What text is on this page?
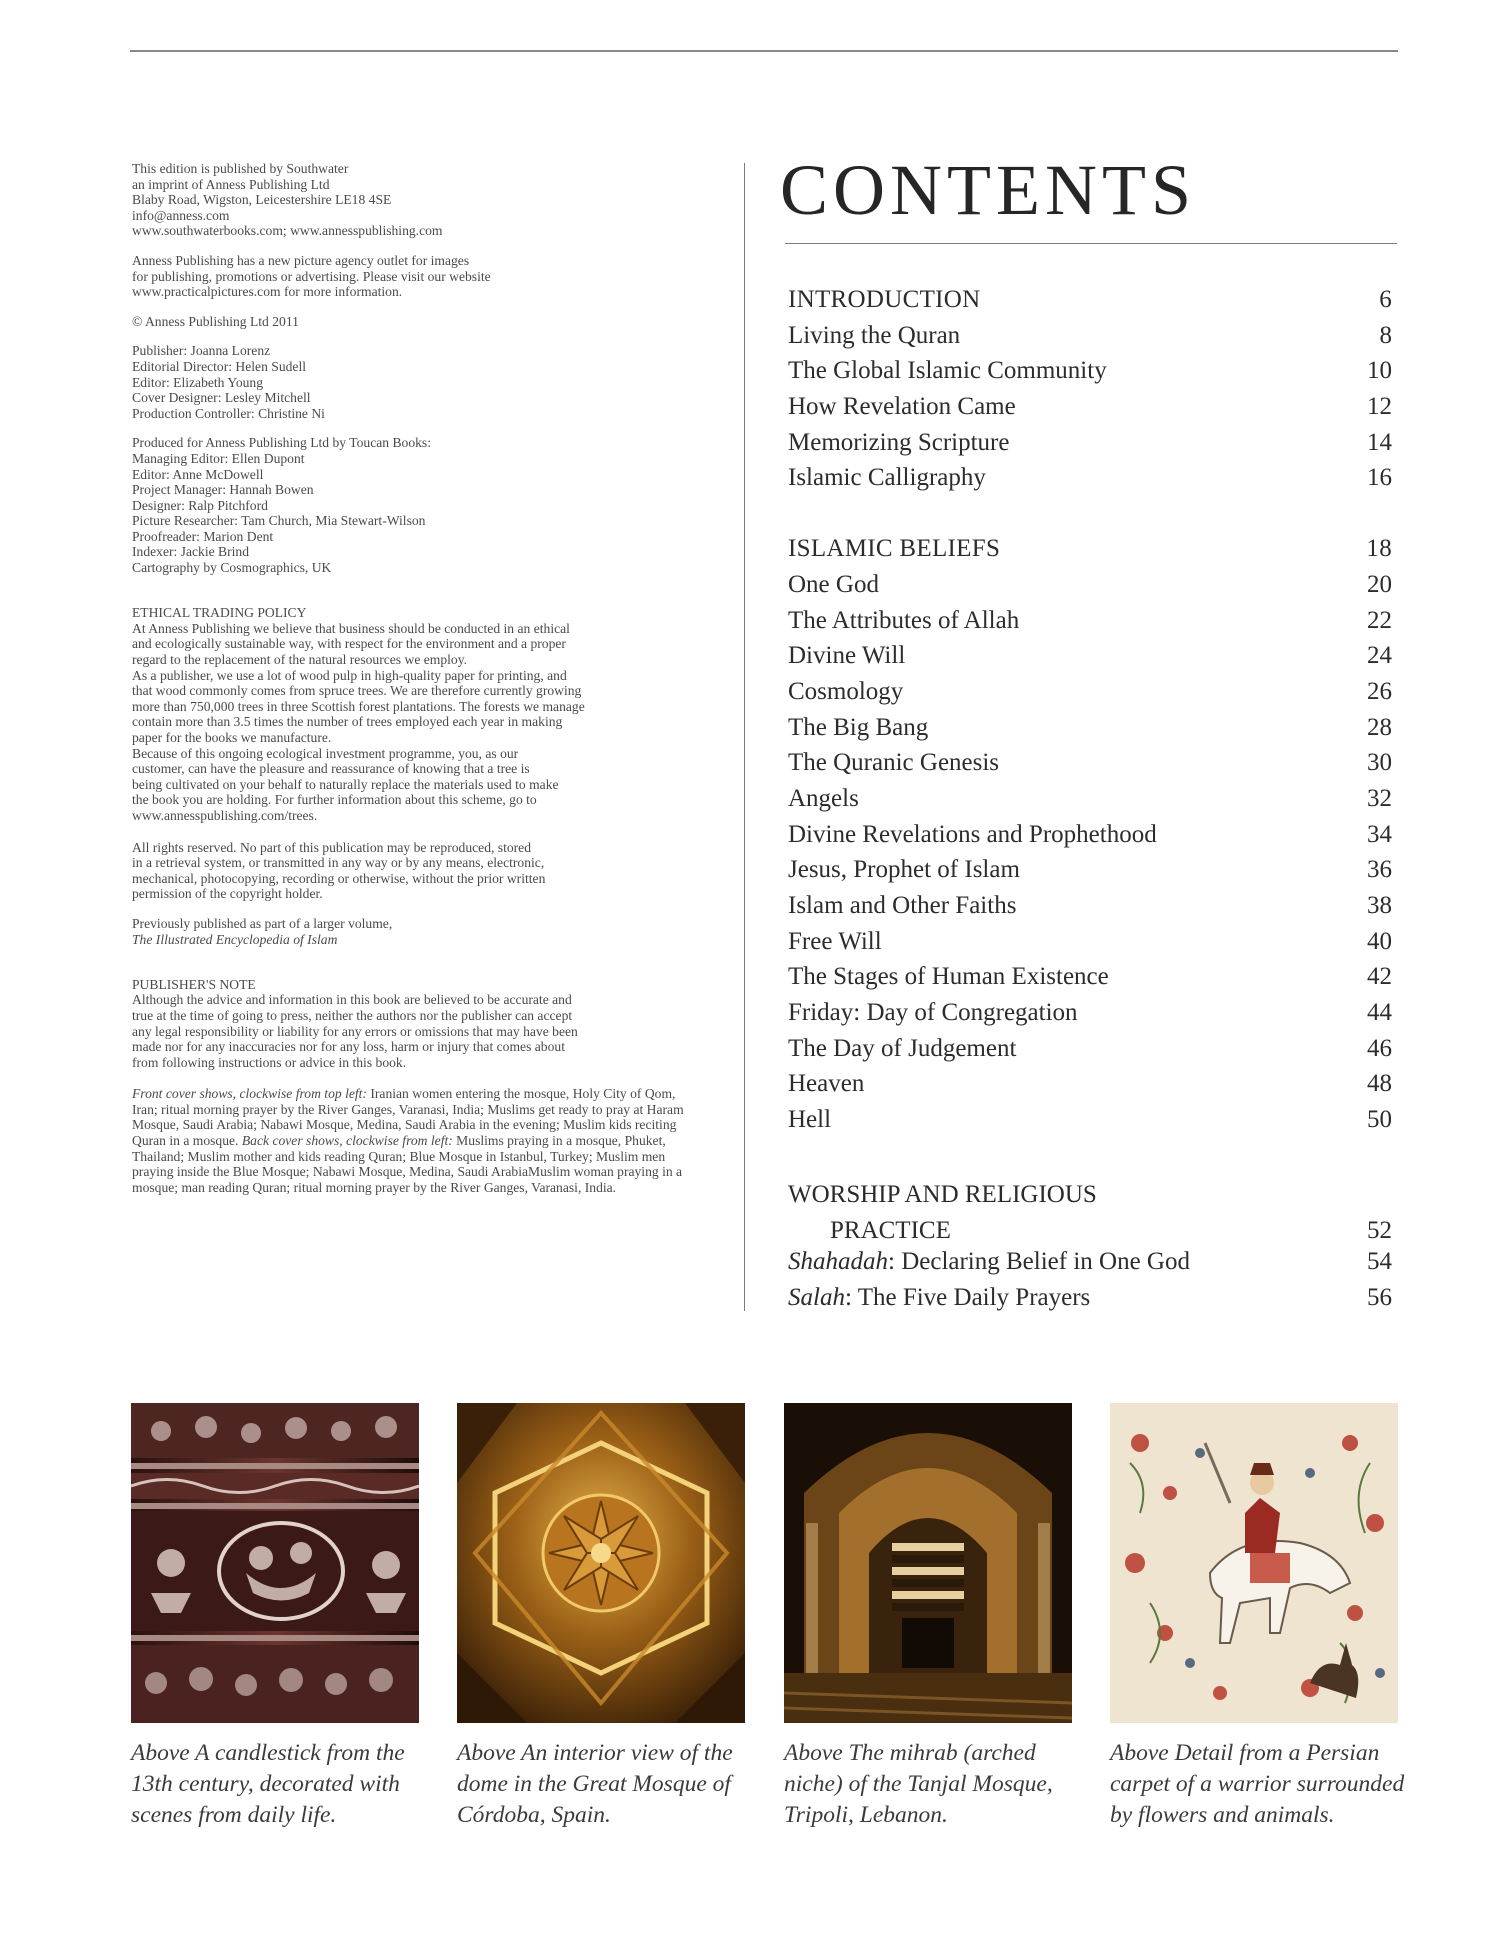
This edition is published by Southwater
an imprint of Anness Publishing Ltd
Blaby Road, Wigston, Leicestershire LE18 4SE
info@anness.com
www.southwaterbooks.com; www.annesspublishing.com

Anness Publishing has a new picture agency outlet for images
for publishing, promotions or advertising. Please visit our website
www.practicalpictures.com for more information.

© Anness Publishing Ltd 2011

Publisher: Joanna Lorenz
Editorial Director: Helen Sudell
Editor: Elizabeth Young
Cover Designer: Lesley Mitchell
Production Controller: Christine Ni

Produced for Anness Publishing Ltd by Toucan Books:
Managing Editor: Ellen Dupont
Editor: Anne McDowell
Project Manager: Hannah Bowen
Designer: Ralp Pitchford
Picture Researcher: Tam Church, Mia Stewart-Wilson
Proofreader: Marion Dent
Indexer: Jackie Brind
Cartography by Cosmographics, UK

ETHICAL TRADING POLICY
At Anness Publishing we believe that business should be conducted in an ethical
and ecologically sustainable way, with respect for the environment and a proper
regard to the replacement of the natural resources we employ.
As a publisher, we use a lot of wood pulp in high-quality paper for printing, and
that wood commonly comes from spruce trees. We are therefore currently growing
more than 750,000 trees in three Scottish forest plantations. The forests we manage
contain more than 3.5 times the number of trees employed each year in making
paper for the books we manufacture.
Because of this ongoing ecological investment programme, you, as our
customer, can have the pleasure and reassurance of knowing that a tree is
being cultivated on your behalf to naturally replace the materials used to make
the book you are holding. For further information about this scheme, go to
www.annesspublishing.com/trees.

All rights reserved. No part of this publication may be reproduced, stored
in a retrieval system, or transmitted in any way or by any means, electronic,
mechanical, photocopying, recording or otherwise, without the prior written
permission of the copyright holder.

Previously published as part of a larger volume,
The Illustrated Encyclopedia of Islam

PUBLISHER'S NOTE
Although the advice and information in this book are believed to be accurate and
true at the time of going to press, neither the authors nor the publisher can accept
any legal responsibility or liability for any errors or omissions that may have been
made nor for any inaccuracies nor for any loss, harm or injury that comes about
from following instructions or advice in this book.

Front cover shows, clockwise from top left: Iranian women entering the mosque, Holy City of Qom, Iran; ritual morning prayer by the River Ganges, Varanasi, India; Muslims get ready to pray at Haram Mosque, Saudi Arabia; Nabawi Mosque, Medina, Saudi Arabia in the evening; Muslim kids reciting Quran in a mosque. Back cover shows, clockwise from left: Muslims praying in a mosque, Phuket, Thailand; Muslim mother and kids reading Quran; Blue Mosque in Istanbul, Turkey; Muslim men praying inside the Blue Mosque; Nabawi Mosque, Medina, Saudi ArabiaMuslim woman praying in a mosque; man reading Quran; ritual morning prayer by the River Ganges, Varanasi, India.

CONTENTS
INTRODUCTION	6
Living the Quran	8
The Global Islamic Community	10
How Revelation Came	12
Memorizing Scripture	14
Islamic Calligraphy	16
ISLAMIC BELIEFS	18
One God	20
The Attributes of Allah	22
Divine Will	24
Cosmology	26
The Big Bang	28
The Quranic Genesis	30
Angels	32
Divine Revelations and Prophethood	34
Jesus, Prophet of Islam	36
Islam and Other Faiths	38
Free Will	40
The Stages of Human Existence	42
Friday: Day of Congregation	44
The Day of Judgement	46
Heaven	48
Hell	50
WORSHIP AND RELIGIOUS
PRACTICE	52
Shahadah: Declaring Belief in One God	54
Salah: The Five Daily Prayers	56
Above A candlestick from the 13th century, decorated with scenes from daily life.
Above An interior view of the dome in the Great Mosque of Córdoba, Spain.
Above The mihrab (arched niche) of the Tanjal Mosque, Tripoli, Lebanon.
Above Detail from a Persian carpet of a warrior surrounded by flowers and animals.
